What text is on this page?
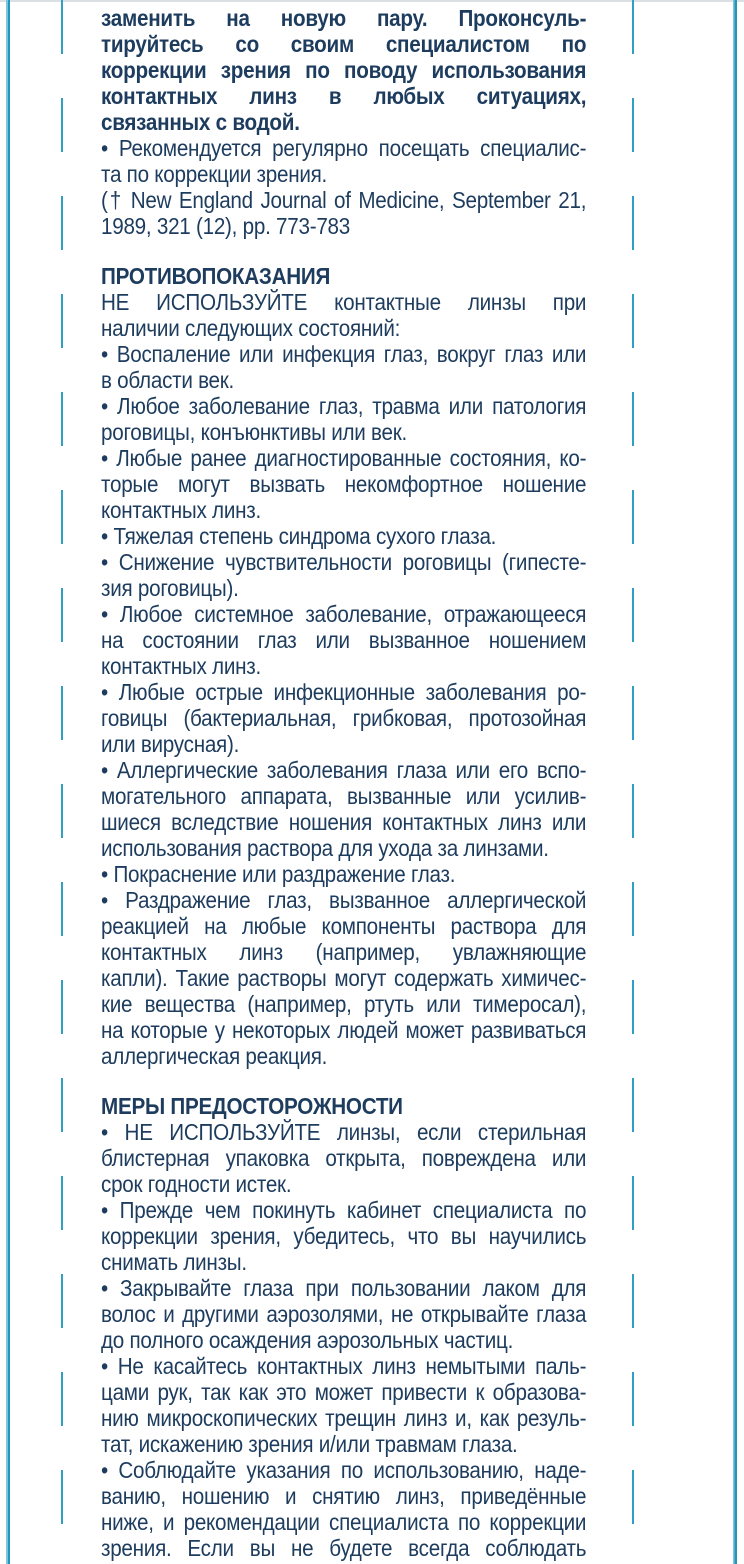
заменить на новую пару. Проконсуль-
тируйтесь со своим специалистом по
коррекции зрения по поводу использования
контактных линз в любых ситуациях,
связанных с водой.
• Рекомендуется регулярно посещать специалис-
та по коррекции зрения.
(† New England Journal of Medicine, September 21,
1989, 321 (12), pp. 773-783
ПРОТИВОПОКАЗАНИЯ
НЕ ИСПОЛЬЗУЙТЕ контактные линзы при
наличии следующих состояний:
• Воспаление или инфекция глаз, вокруг глаз или
в области век.
• Любое заболевание глаз, травма или патология
роговицы, конъюнктивы или век.
• Любые ранее диагностированные состояния, ко-
торые могут вызвать некомфортное ношение
контактных линз.
• Тяжелая степень синдрома сухого глаза.
• Снижение чувствительности роговицы (гипесте-
зия роговицы).
• Любое системное заболевание, отражающееся
на состоянии глаз или вызванное ношением
контактных линз.
• Любые острые инфекционные заболевания ро-
говицы (бактериальная, грибковая, протозойная
или вирусная).
• Аллергические заболевания глаза или его вспо-
могательного аппарата, вызванные или усилив-
шиеся вследствие ношения контактных линз или
использования раствора для ухода за линзами.
• Покраснение или раздражение глаз.
• Раздражение глаз, вызванное аллергической
реакцией на любые компоненты раствора для
контактных линз (например, увлажняющие
капли). Такие растворы могут содержать химичес-
кие вещества (например, ртуть или тимеросал),
на которые у некоторых людей может развиваться
аллергическая реакция.
МЕРЫ ПРЕДОСТОРОЖНОСТИ
• НЕ ИСПОЛЬЗУЙТЕ линзы, если стерильная
блистерная упаковка открыта, повреждена или
срок годности истек.
• Прежде чем покинуть кабинет специалиста по
коррекции зрения, убедитесь, что вы научились
снимать линзы.
• Закрывайте глаза при пользовании лаком для
волос и другими аэрозолями, не открывайте глаза
до полного осаждения аэрозольных частиц.
• Не касайтесь контактных линз немытыми паль-
цами рук, так как это может привести к образова-
нию микроскопических трещин линз и, как резуль-
тат, искажению зрения и/или травмам глаза.
• Соблюдайте указания по использованию, наде-
ванию, ношению и снятию линз, приведённые
ниже, и рекомендации специалиста по коррекции
зрения. Если вы не будете всегда соблюдать
